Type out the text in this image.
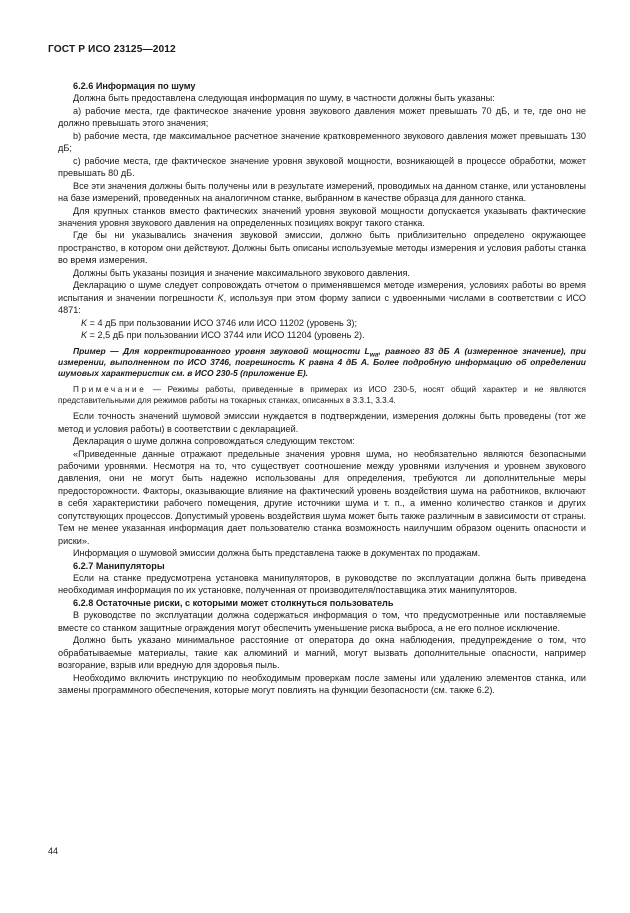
ГОСТ Р ИСО 23125—2012

6.2.6 Информация по шуму

Должна быть предоставлена следующая информация по шуму, в частности должны быть указаны:

a) рабочие места, где фактическое значение уровня звукового давления может превышать 70 дБ, и те, где оно не должно превышать этого значения;

b) рабочие места, где максимальное расчетное значение кратковременного звукового давления может превышать 130 дБ;

c) рабочие места, где фактическое значение уровня звуковой мощности, возникающей в процессе обработки, может превышать 80 дБ.

Все эти значения должны быть получены или в результате измерений, проводимых на данном станке, или установлены на базе измерений, проведенных на аналогичном станке, выбранном в качестве образца для данного станка.

Для крупных станков вместо фактических значений уровня звуковой мощности допускается указывать фактические значения уровня звукового давления на определенных позициях вокруг такого станка.

Где бы ни указывались значения звуковой эмиссии, должно быть приблизительно определено окружающее пространство, в котором они действуют. Должны быть описаны используемые методы измерения и условия работы станка во время измерения.

Должны быть указаны позиция и значение максимального звукового давления.

Декларацию о шуме следует сопровождать отчетом о применявшемся методе измерения, условиях работы во время испытания и значении погрешности K, используя при этом форму записи с удвоенными числами в соответствии с ИСО 4871:

K = 4 дБ при пользовании ИСО 3746 или ИСО 11202 (уровень 3);

K = 2,5 дБ при пользовании ИСО 3744 или ИСО 11204 (уровень 2).

Пример — Для корректированного уровня звуковой мощности $L_{wa}$, равного 83 дБ А (измеренное значение), при измерении, выполненном по ИСО 3746, погрешность K равна 4 дБ А. Более подробную информацию об определении шумовых характеристик см. в ИСО 230-5 (приложение Е).

Примечание — Режимы работы, приведенные в примерах из ИСО 230-5, носят общий характер и не являются представительными для режимов работы на токарных станках, описанных в 3.3.1, 3.3.4.

Если точность значений шумовой эмиссии нуждается в подтверждении, измерения должны быть проведены (тот же метод и условия работы) в соответствии с декларацией.

Декларация о шуме должна сопровождаться следующим текстом:

«Приведенные данные отражают предельные значения уровня шума, но необязательно являются безопасными рабочими уровнями. Несмотря на то, что существует соотношение между уровнями излучения и уровнем звукового давления, они не могут быть надежно использованы для определения, требуются ли дополнительные меры предосторожности. Факторы, оказывающие влияние на фактический уровень воздействия шума на работников, включают в себя характеристики рабочего помещения, другие источники шума и т. п., а именно количество станков и других сопутствующих процессов. Допустимый уровень воздействия шума может быть также различным в зависимости от страны. Тем не менее указанная информация дает пользователю станка возможность наилучшим образом оценить опасности и риски».

Информация о шумовой эмиссии должна быть представлена также в документах по продажам.

6.2.7 Манипуляторы

Если на станке предусмотрена установка манипуляторов, в руководстве по эксплуатации должна быть приведена необходимая информация по их установке, полученная от производителя/поставщика этих манипуляторов.

6.2.8 Остаточные риски, с которыми может столкнуться пользователь

В руководстве по эксплуатации должна содержаться информация о том, что предусмотренные или поставляемые вместе со станком защитные ограждения могут обеспечить уменьшение риска выброса, а не его полное исключение.

Должно быть указано минимальное расстояние от оператора до окна наблюдения, предупреждение о том, что обрабатываемые материалы, такие как алюминий и магний, могут вызвать дополнительные опасности, например возгорание, взрыв или вредную для здоровья пыль.

Необходимо включить инструкцию по необходимым проверкам после замены или удалению элементов станка, или замены программного обеспечения, которые могут повлиять на функции безопасности (см. также 6.2).

44
